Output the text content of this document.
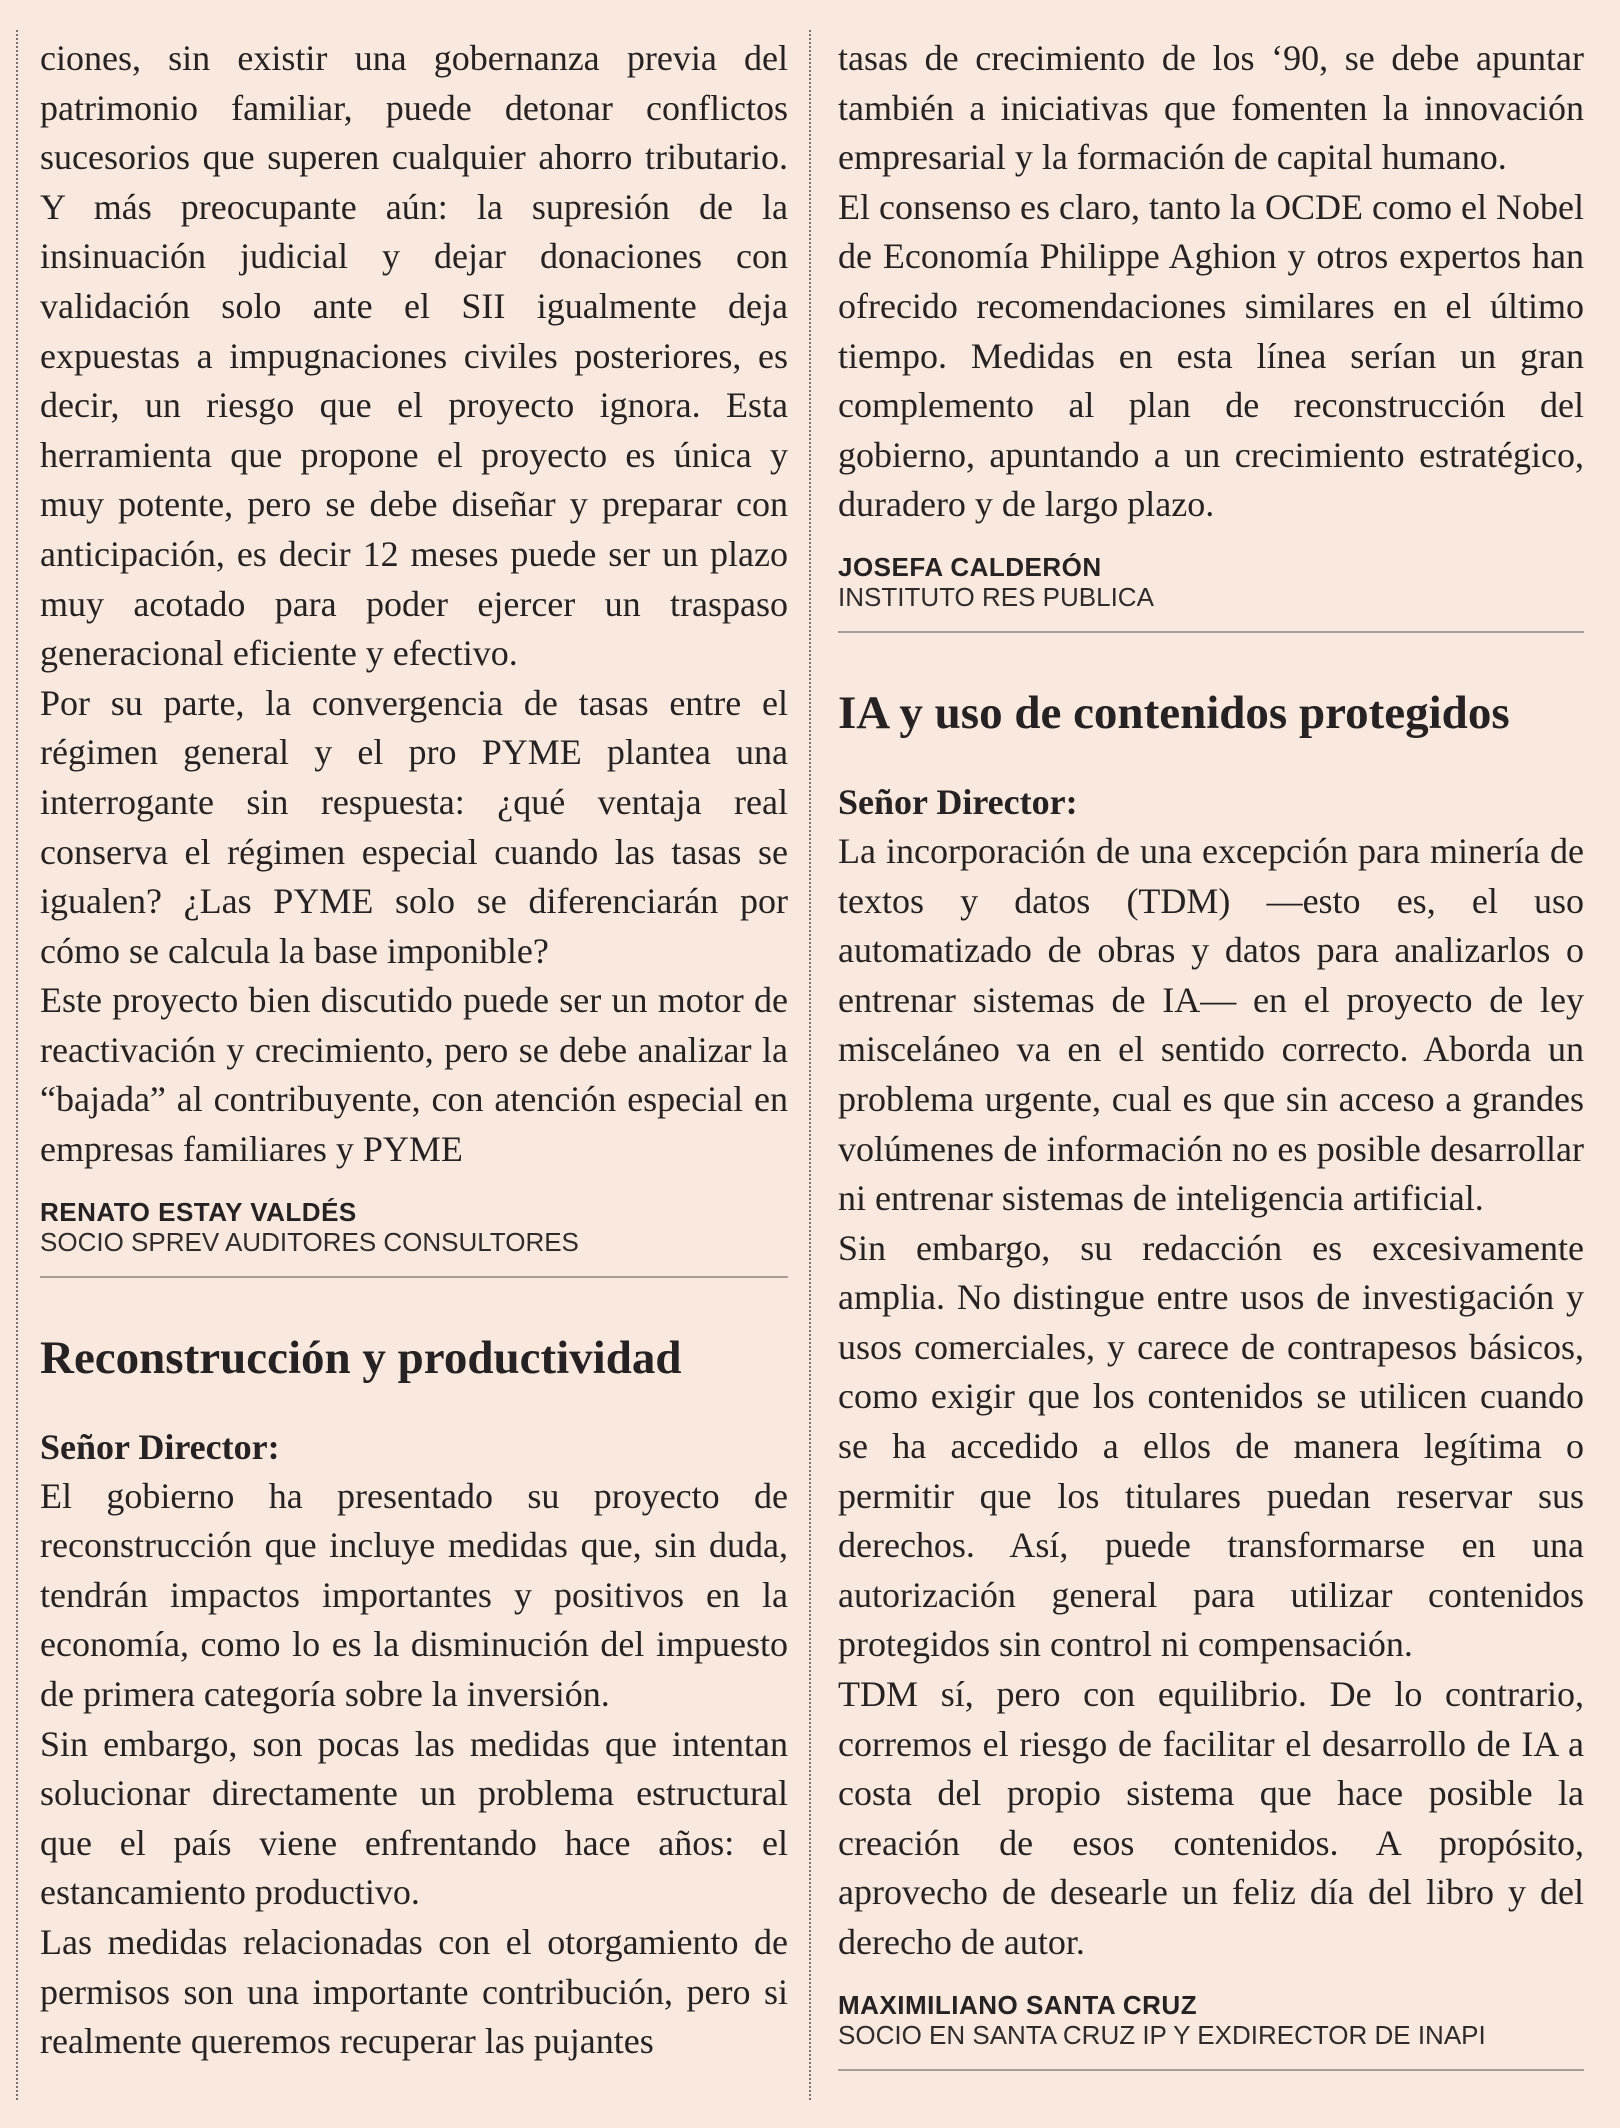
ciones, sin existir una gobernanza previa del patrimonio familiar, puede detonar conflictos sucesorios que superen cualquier ahorro tributario. Y más preocupante aún: la supresión de la insinuación judicial y dejar donaciones con validación solo ante el SII igualmente deja expuestas a impugnaciones civiles posteriores, es decir, un riesgo que el proyecto ignora. Esta herramienta que propone el proyecto es única y muy potente, pero se debe diseñar y preparar con anticipación, es decir 12 meses puede ser un plazo muy acotado para poder ejercer un traspaso generacional eficiente y efectivo.

Por su parte, la convergencia de tasas entre el régimen general y el pro PYME plantea una interrogante sin respuesta: ¿qué ventaja real conserva el régimen especial cuando las tasas se igualen? ¿Las PYME solo se diferenciarán por cómo se calcula la base imponible?

Este proyecto bien discutido puede ser un motor de reactivación y crecimiento, pero se debe analizar la “bajada” al contribuyente, con atención especial en empresas familiares y PYME

RENATO ESTAY VALDÉS
SOCIO SPREV AUDITORES CONSULTORES
Reconstrucción y productividad
Señor Director:

El gobierno ha presentado su proyecto de reconstrucción que incluye medidas que, sin duda, tendrán impactos importantes y positivos en la economía, como lo es la disminución del impuesto de primera categoría sobre la inversión.

Sin embargo, son pocas las medidas que intentan solucionar directamente un problema estructural que el país viene enfrentando hace años: el estancamiento productivo.

Las medidas relacionadas con el otorgamiento de permisos son una importante contribución, pero si realmente queremos recuperar las pujantes

tasas de crecimiento de los ‘90, se debe apuntar también a iniciativas que fomenten la innovación empresarial y la formación de capital humano.

El consenso es claro, tanto la OCDE como el Nobel de Economía Philippe Aghion y otros expertos han ofrecido recomendaciones similares en el último tiempo. Medidas en esta línea serían un gran complemento al plan de reconstrucción del gobierno, apuntando a un crecimiento estratégico, duradero y de largo plazo.

JOSEFA CALDERÓN
INSTITUTO RES PUBLICA
IA y uso de contenidos protegidos
Señor Director:

La incorporación de una excepción para minería de textos y datos (TDM) —esto es, el uso automatizado de obras y datos para analizarlos o entrenar sistemas de IA— en el proyecto de ley misceláneo va en el sentido correcto. Aborda un problema urgente, cual es que sin acceso a grandes volúmenes de información no es posible desarrollar ni entrenar sistemas de inteligencia artificial.

Sin embargo, su redacción es excesivamente amplia. No distingue entre usos de investigación y usos comerciales, y carece de contrapesos básicos, como exigir que los contenidos se utilicen cuando se ha accedido a ellos de manera legítima o permitir que los titulares puedan reservar sus derechos. Así, puede transformarse en una autorización general para utilizar contenidos protegidos sin control ni compensación.

TDM sí, pero con equilibrio. De lo contrario, corremos el riesgo de facilitar el desarrollo de IA a costa del propio sistema que hace posible la creación de esos contenidos. A propósito, aprovecho de desearle un feliz día del libro y del derecho de autor.

MAXIMILIANO SANTA CRUZ
SOCIO EN SANTA CRUZ IP Y EXDIRECTOR DE INAPI
